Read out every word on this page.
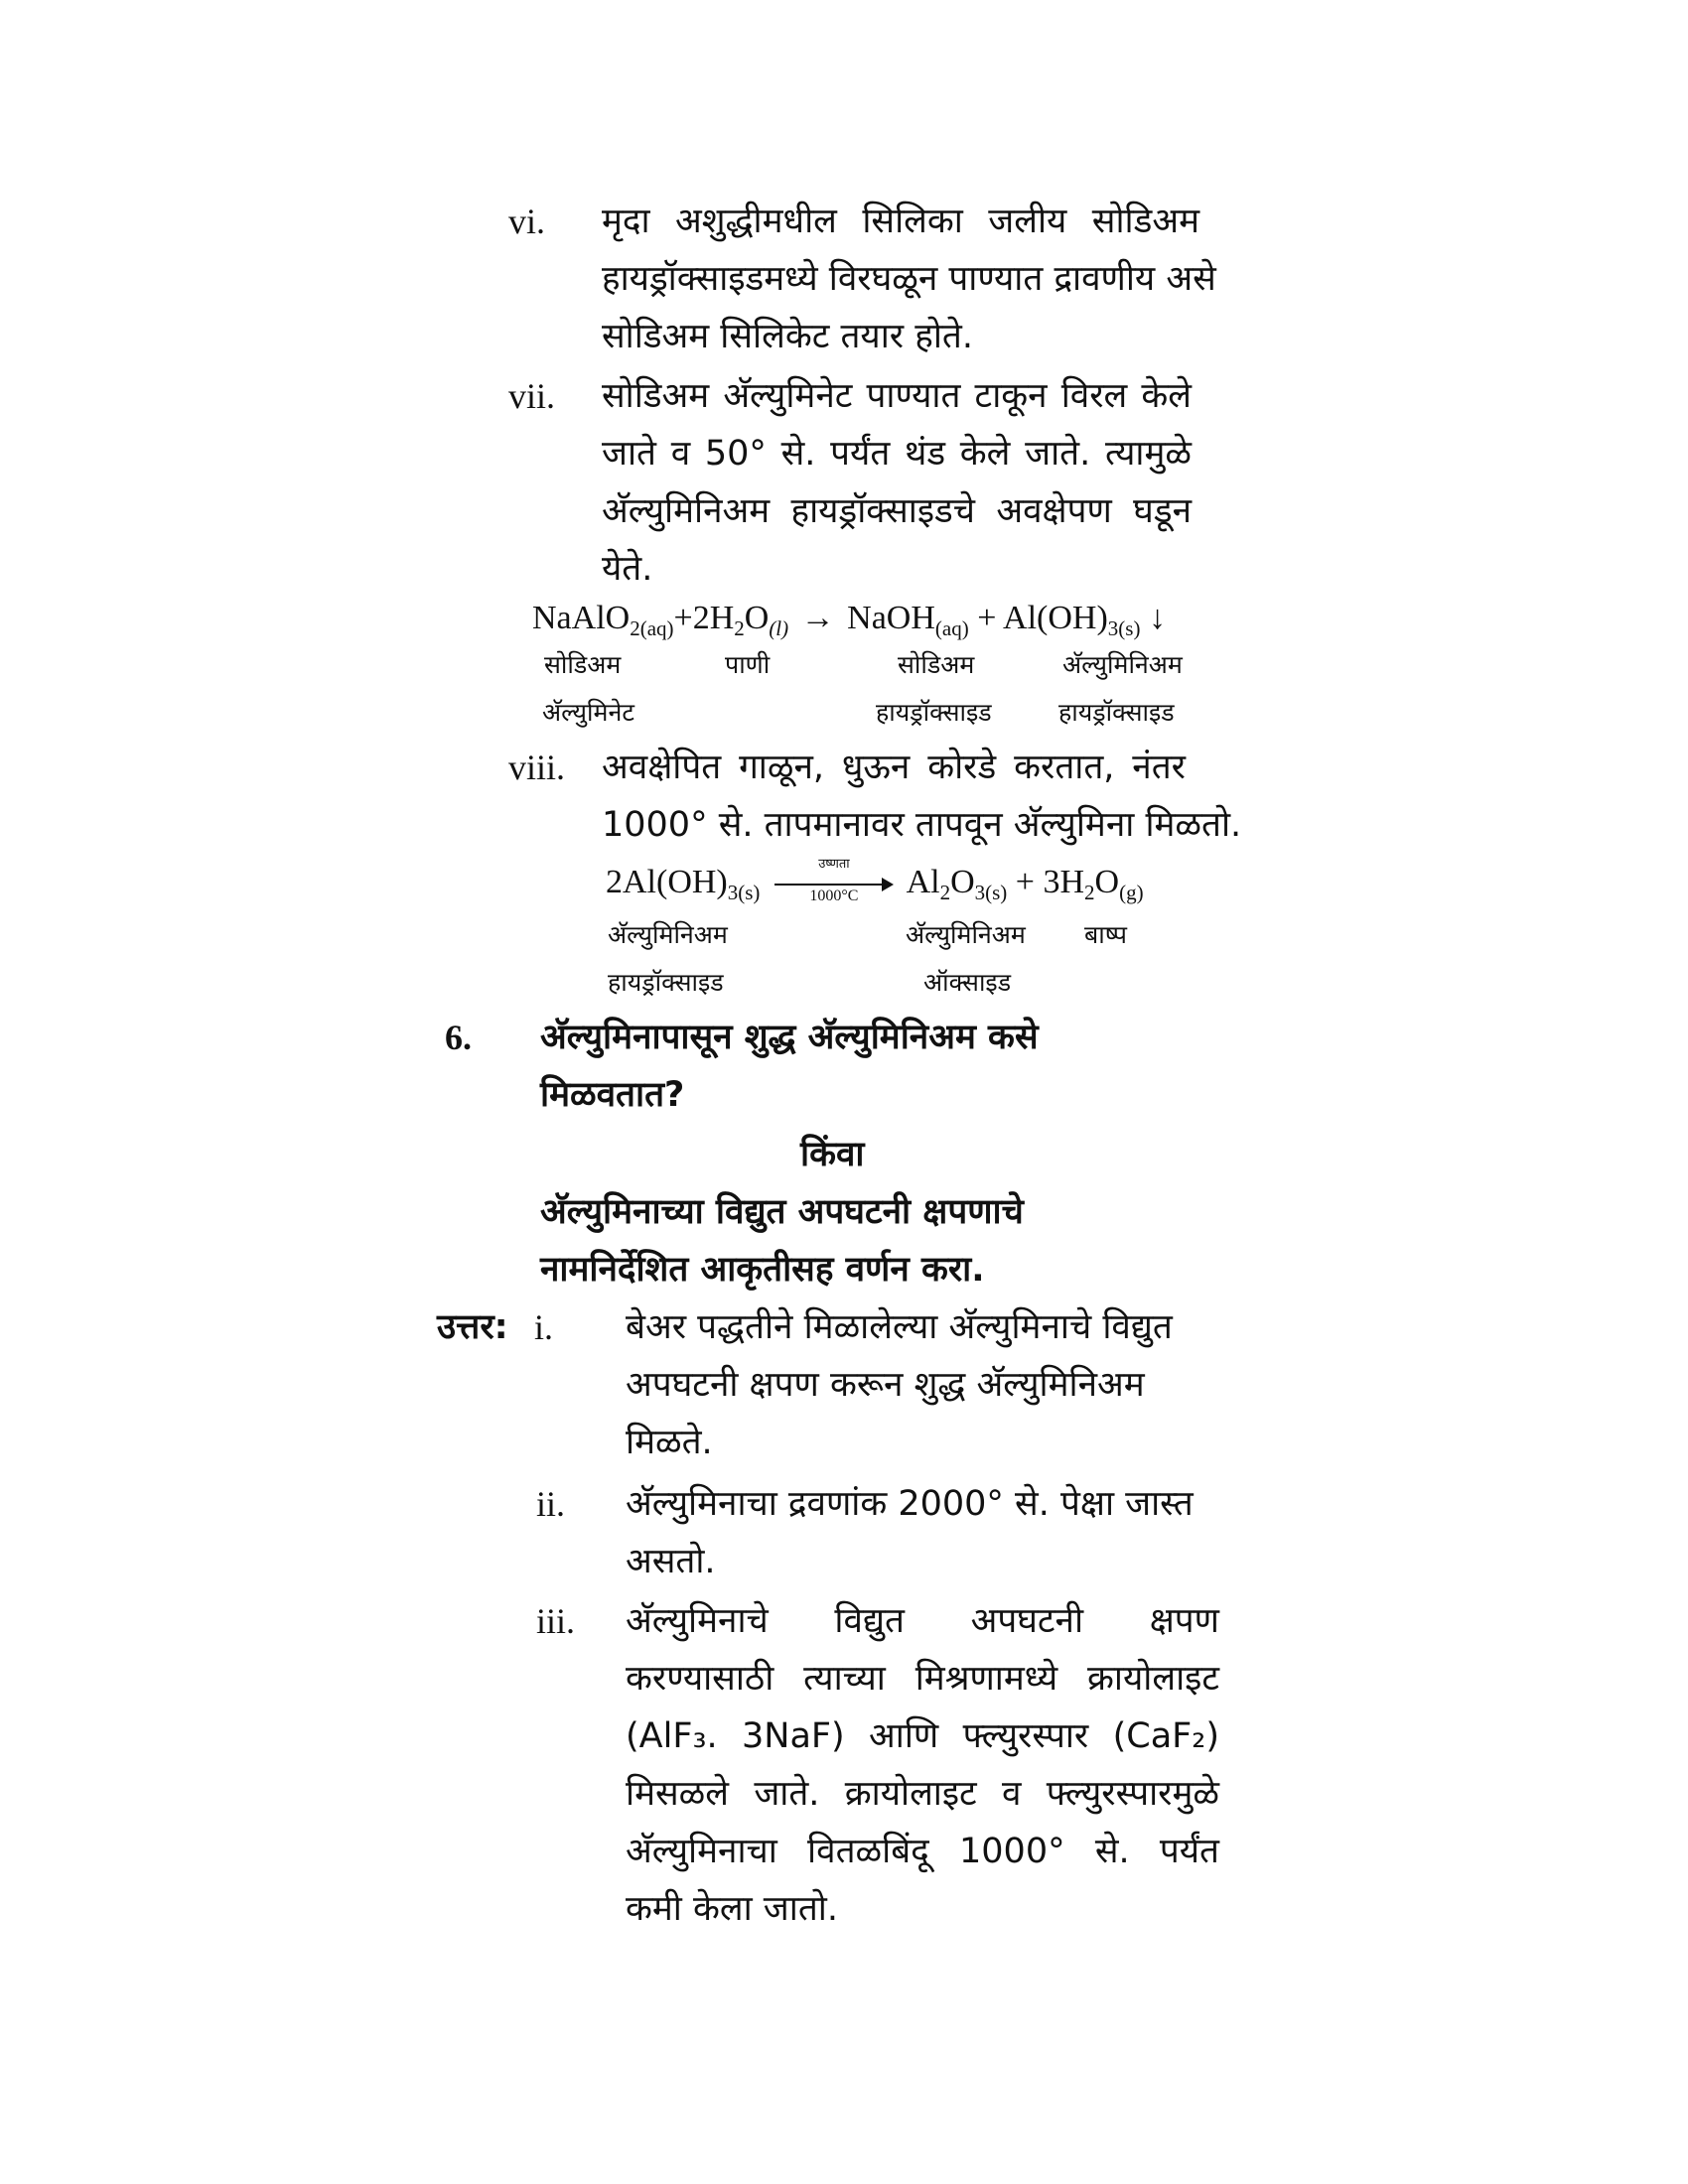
vi. मृदा अशुद्धीमधील सिलिका जलीय सोडिअम
हायड्रॉक्साइडमध्ये विरघळून पाण्यात द्रावणीय असे
सोडिअम सिलिकेट तयार होते.
vii. सोडिअम अ‍ॅल्युमिनेट पाण्यात टाकून विरल केले
जाते व 50° से. पर्यंत थंड केले जाते. त्यामुळे
अ‍ॅल्युमिनिअम हायड्रॉक्साइडचे अवक्षेपण घडून
येते.
$NaAlO_{2(aq)}+2H_2O_{(l)}$ → NaOH$_{(aq)}$ + $Al(OH)_{3(s)}$ ↓
सोडिअम	पाणी	सोडिअम	अ‍ॅल्युमिनिअम
अ‍ॅल्युमिनेट	हायड्रॉक्साइड	हायड्रॉक्साइड
viii. अवक्षेपित गाळून, धुऊन कोरडे करतात, नंतर
1000° से. तापमानावर तापवून अ‍ॅल्युमिना मिळतो.
$2Al(OH)_{3(s)}$
उष्णता
1000°C	$Al_2O_{3(s)} + 3H_2O_{(g)}$
अ‍ॅल्युमिनिअम	अ‍ॅल्युमिनिअम बाष्प
हायड्रॉक्साइड	ऑक्साइड
6. अ‍ॅल्युमिनापासून शुद्ध अ‍ॅल्युमिनिअम कसे
मिळवतात?
किंवा
अ‍ॅल्युमिनाच्या विद्युत अपघटनी क्षपणाचे
नामनिर्देशित आकृतीसह वर्णन करा.
उत्तर: i. बेअर पद्धतीने मिळालेल्या अ‍ॅल्युमिनाचे विद्युत
अपघटनी क्षपण करून शुद्ध अ‍ॅल्युमिनिअम
मिळते.
ii. अ‍ॅल्युमिनाचा द्रवणांक 2000° से. पेक्षा जास्त
असतो.
iii. अ‍ॅल्युमिनाचे विद्युत अपघटनी क्षपण
करण्यासाठी त्याच्या मिश्रणामध्ये क्रायोलाइट
(AlF₃. 3NaF) आणि फ्ल्युरस्पार (CaF₂)
मिसळले जाते. क्रायोलाइट व फ्ल्युरस्पारमुळे
अ‍ॅल्युमिनाचा वितळबिंदू 1000° से. पर्यंत
कमी केला जातो.
